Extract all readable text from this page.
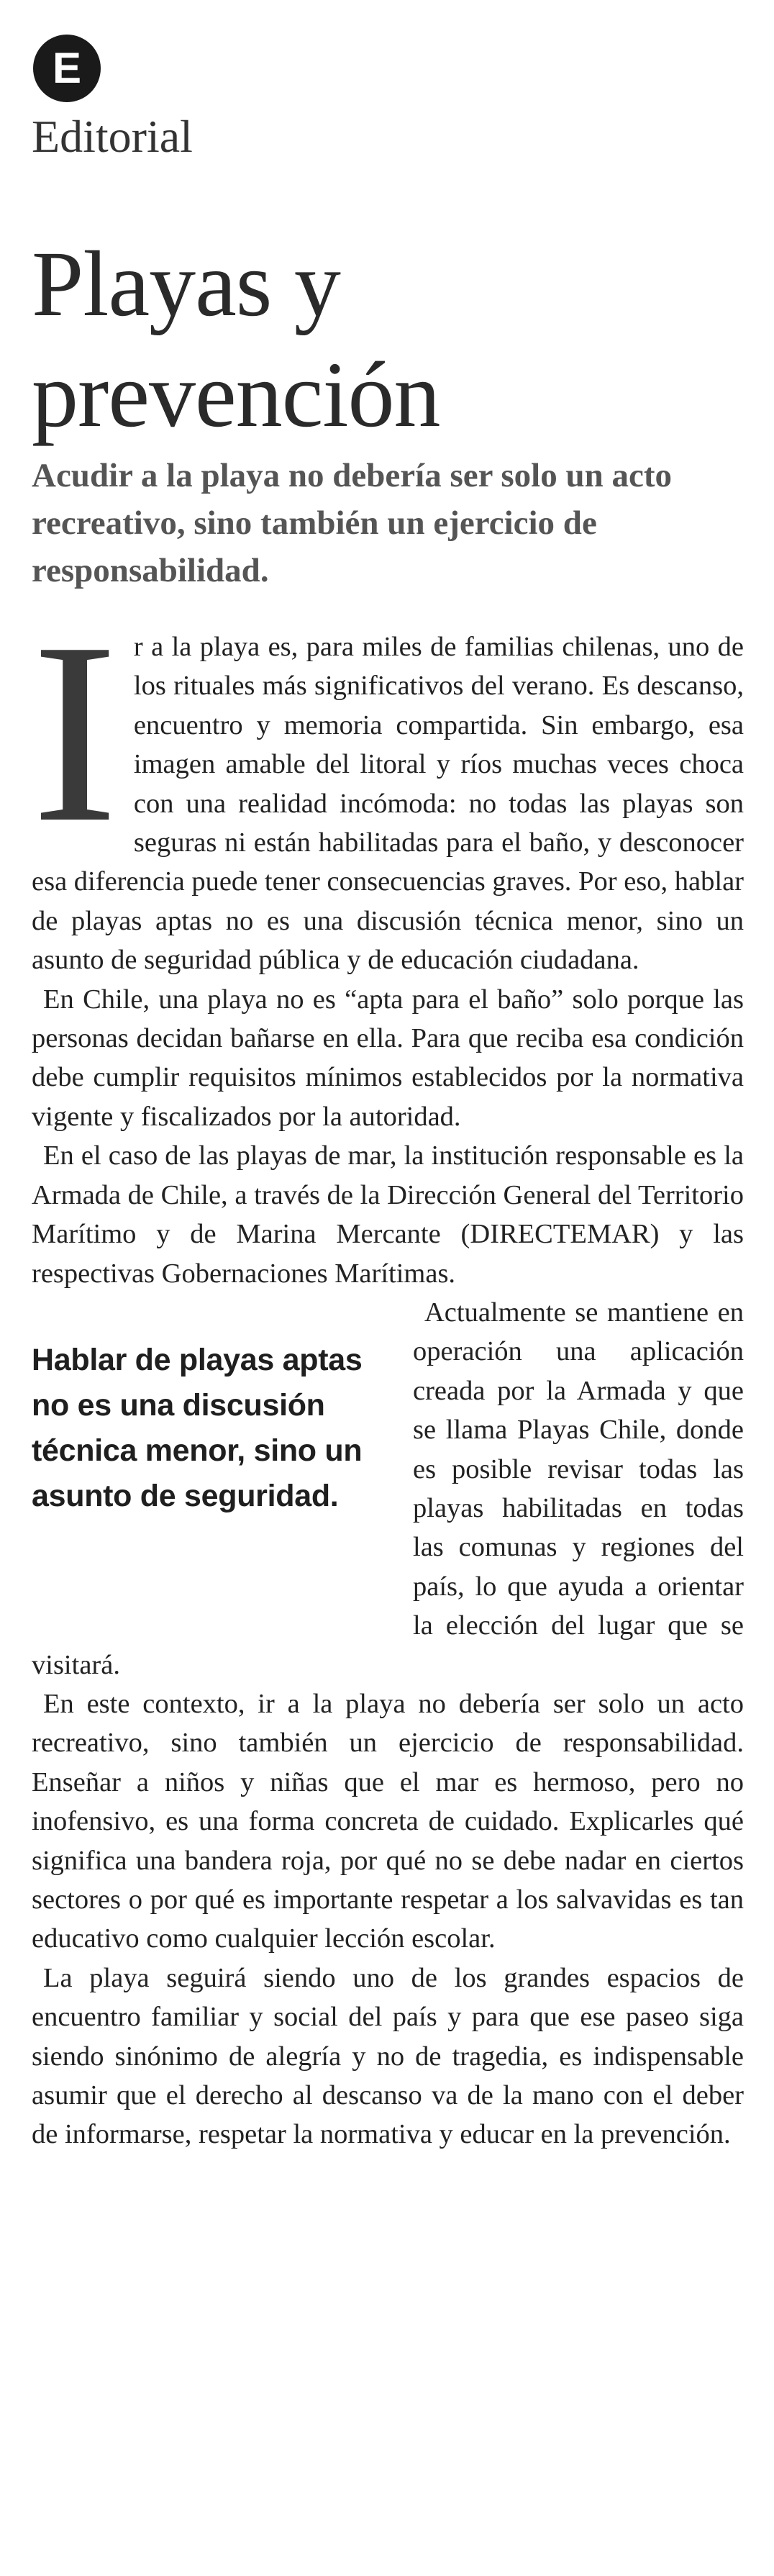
E
Editorial
Playas y prevención

Acudir a la playa no debería ser solo un acto recreativo, sino también un ejercicio de responsabilidad.

I r a la playa es, para miles de familias chilenas, uno de los rituales más significativos del verano. Es descanso, encuentro y memoria compartida. Sin embargo, esa imagen amable del litoral y ríos muchas veces choca con una realidad incómoda: no todas las playas son seguras ni están habilitadas para el baño, y desconocer esa diferencia puede tener consecuencias graves. Por eso, hablar de playas aptas no es una discusión técnica menor, sino un asunto de seguridad pública y de educación ciudadana.

En Chile, una playa no es “apta para el baño” solo porque las personas decidan bañarse en ella. Para que reciba esa condición debe cumplir requisitos mínimos establecidos por la normativa vigente y fiscalizados por la autoridad.

En el caso de las playas de mar, la institución responsable es la Armada de Chile, a través de la Dirección General del Territorio Marítimo y de Marina Mercante (DIRECTEMAR) y las respectivas Gobernaciones Marítimas.

Hablar de playas aptas no es una discusión técnica menor, sino un asunto de seguridad.

Actualmente se mantiene en operación una aplicación creada por la Armada y que se llama Playas Chile, donde es posible revisar todas las playas habilitadas en todas las comunas y regiones del país, lo que ayuda a orientar la elección del lugar que se visitará.

En este contexto, ir a la playa no debería ser solo un acto recreativo, sino también un ejercicio de responsabilidad. Enseñar a niños y niñas que el mar es hermoso, pero no inofensivo, es una forma concreta de cuidado. Explicarles qué significa una bandera roja, por qué no se debe nadar en ciertos sectores o por qué es importante respetar a los salvavidas es tan educativo como cualquier lección escolar.

La playa seguirá siendo uno de los grandes espacios de encuentro familiar y social del país y para que ese paseo siga siendo sinónimo de alegría y no de tragedia, es indispensable asumir que el derecho al descanso va de la mano con el deber de informarse, respetar la normativa y educar en la prevención.
